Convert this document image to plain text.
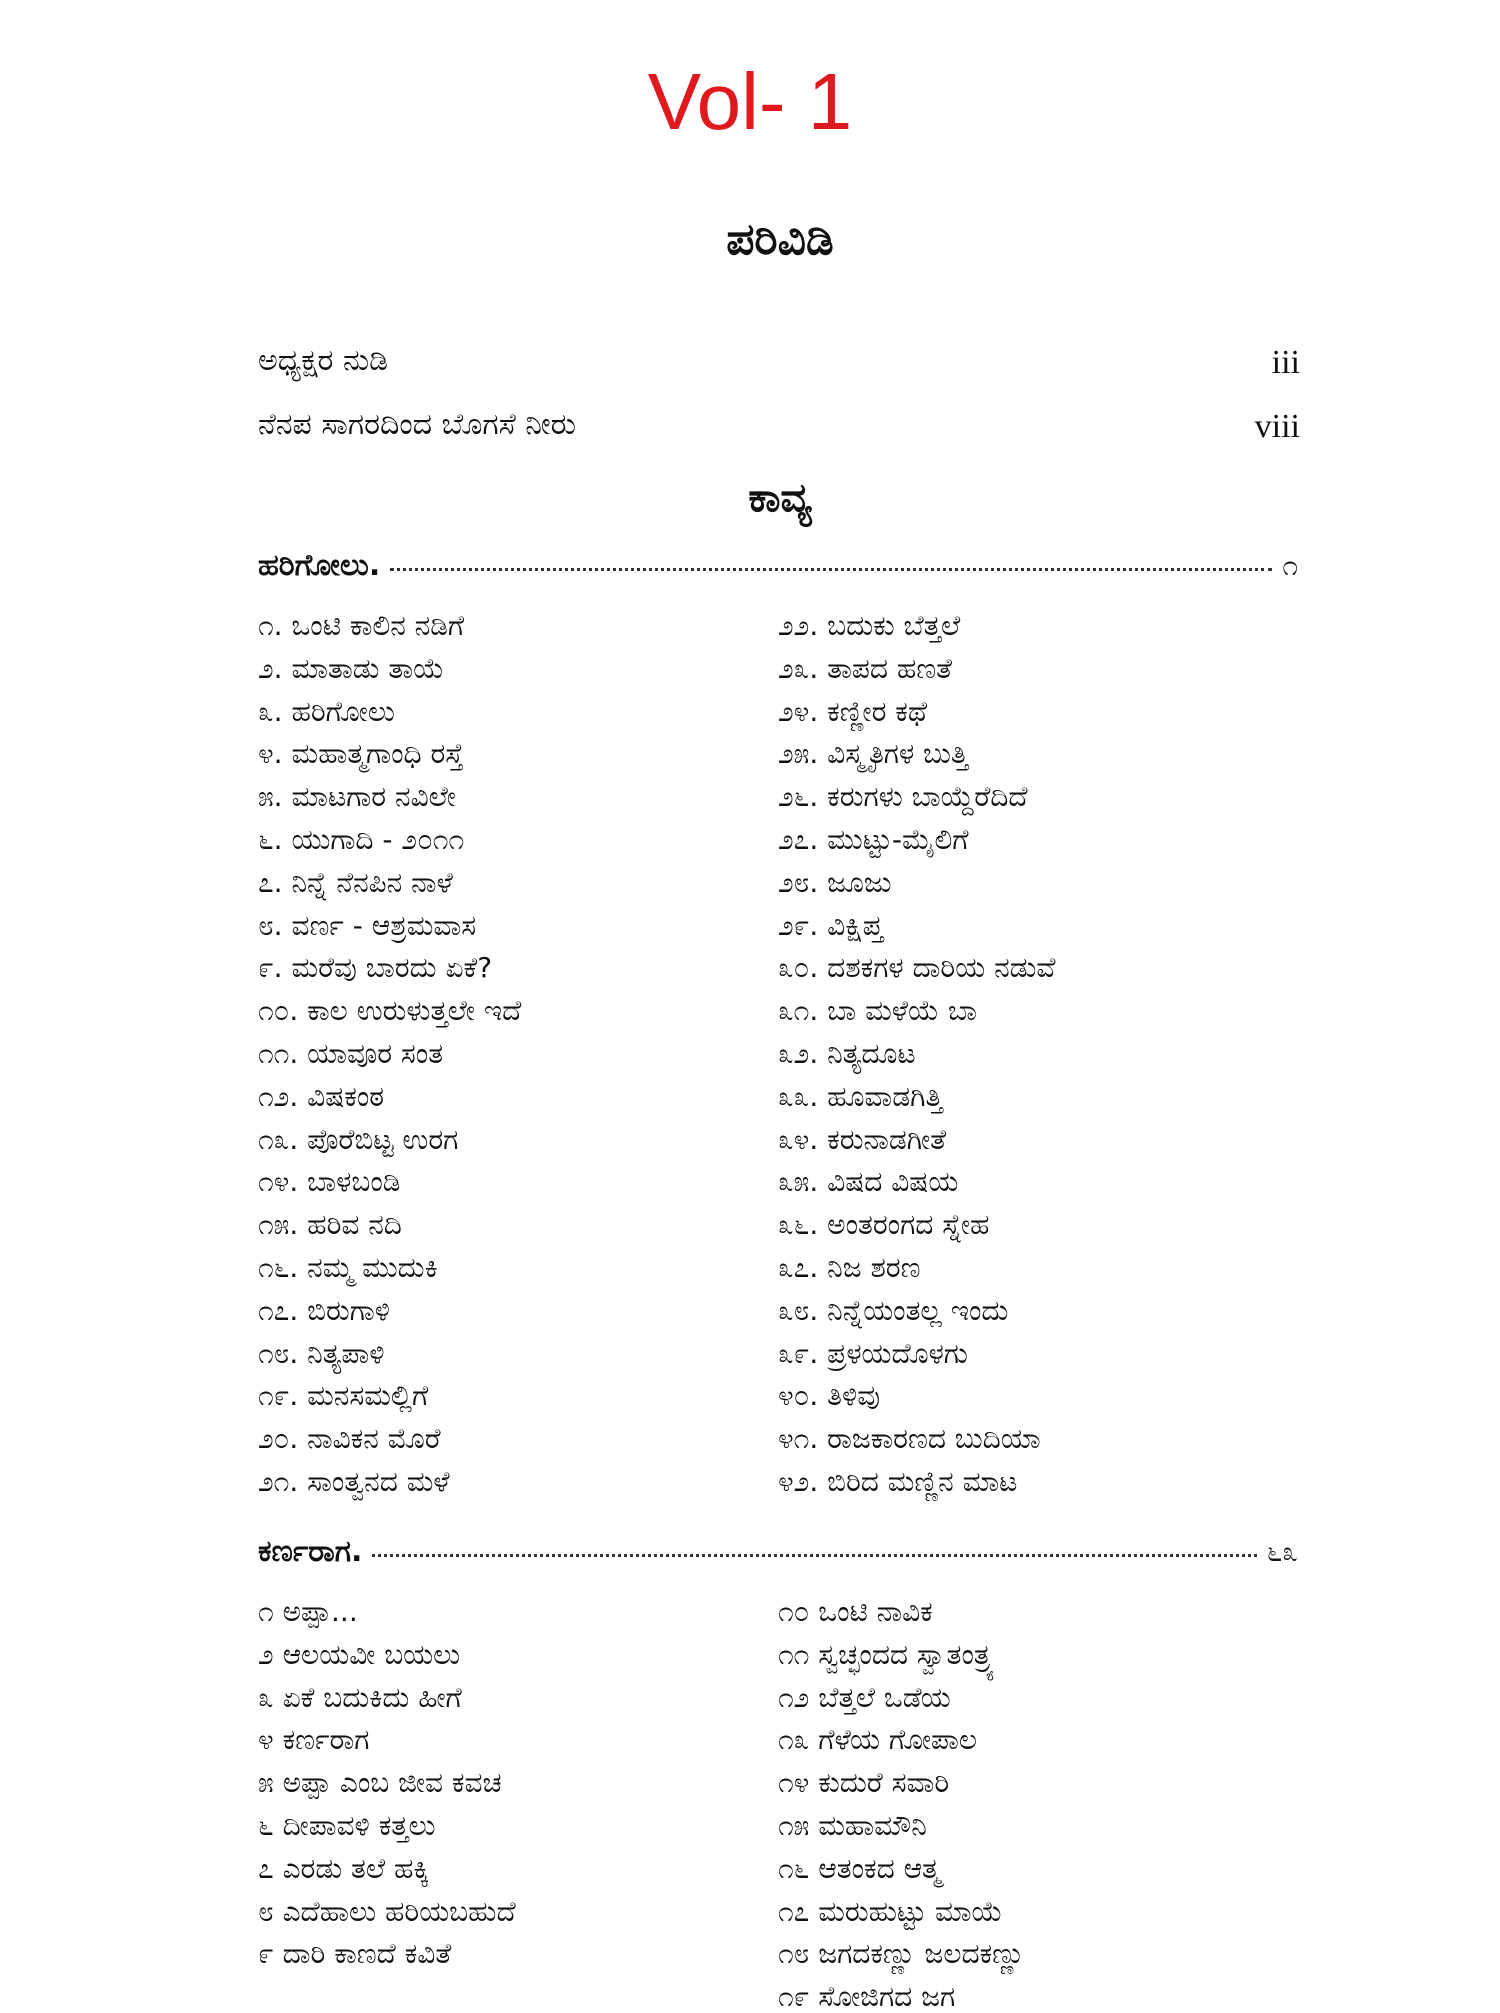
Vol- 1
ಪರಿವಿಡಿ
ಅಧ್ಯಕ್ಷರ ನುಡಿ	iii
ನೆನಪ ಸಾಗರದಿಂದ ಬೊಗಸೆ ನೀರು	viii
ಕಾವ್ಯ
ಹರಿಗೋಲು.	೧
೧. ಒಂಟಿ ಕಾಲಿನ ನಡಿಗೆ
೨. ಮಾತಾಡು ತಾಯೆ
೩. ಹರಿಗೋಲು
೪. ಮಹಾತ್ಮಗಾಂಧಿ ರಸ್ತೆ
೫. ಮಾಟಗಾರ ನವಿಲೇ
೬. ಯುಗಾದಿ - ೨೦೧೧
೭. ನಿನ್ನೆ ನೆನಪಿನ ನಾಳೆ
೮. ವರ್ಣ - ಆಶ್ರಮವಾಸ
೯. ಮರೆವು ಬಾರದು ಏಕೆ?
೧೦. ಕಾಲ ಉರುಳುತ್ತಲೇ ಇದೆ
೧೧. ಯಾವೂರ ಸಂತ
೧೨. ವಿಷಕಂಠ
೧೩. ಪೊರೆಬಿಟ್ಟ ಉರಗ
೧೪. ಬಾಳಬಂಡಿ
೧೫. ಹರಿವ ನದಿ
೧೬. ನಮ್ಮ ಮುದುಕಿ
೧೭. ಬಿರುಗಾಳಿ
೧೮. ನಿತ್ಯಪಾಳಿ
೧೯. ಮನಸಮಲ್ಲಿಗೆ
೨೦. ನಾವಿಕನ ಮೊರೆ
೨೧. ಸಾಂತ್ವನದ ಮಳೆ
೨೨. ಬದುಕು ಬೆತ್ತಲೆ
೨೩. ತಾಪದ ಹಣತೆ
೨೪. ಕಣ್ಣೀರ ಕಥೆ
೨೫. ವಿಸ್ಮೃತಿಗಳ ಬುತ್ತಿ
೨೬. ಕರುಗಳು ಬಾಯ್ದೆರೆದಿದೆ
೨೭. ಮುಟ್ಟು-ಮೈಲಿಗೆ
೨೮. ಜೂಜು
೨೯. ವಿಕ್ಷಿಪ್ತ
೩೦. ದಶಕಗಳ ದಾರಿಯ ನಡುವೆ
೩೧. ಬಾ ಮಳೆಯೆ ಬಾ
೩೨. ನಿತ್ಯದೂಟ
೩೩. ಹೂವಾಡಗಿತ್ತಿ
೩೪. ಕರುನಾಡಗೀತೆ
೩೫. ವಿಷದ ವಿಷಯ
೩೬. ಅಂತರಂಗದ ಸ್ನೇಹ
೩೭. ನಿಜ ಶರಣ
೩೮. ನಿನ್ನೆಯಂತಲ್ಲ ಇಂದು
೩೯. ಪ್ರಳಯದೊಳಗು
೪೦. ತಿಳಿವು
೪೧. ರಾಜಕಾರಣದ ಬುದಿಯಾ
೪೨. ಬಿರಿದ ಮಣ್ಣಿನ ಮಾಟ
ಕರ್ಣರಾಗ.	೬೩
೧ ಅಪ್ಪಾ...
೨ ಆಲಯವೀ ಬಯಲು
೩ ಏಕೆ ಬದುಕಿದು ಹೀಗೆ
೪ ಕರ್ಣರಾಗ
೫ ಅಪ್ಪಾ ಎಂಬ ಜೀವ ಕವಚ
೬ ದೀಪಾವಳಿ ಕತ್ತಲು
೭ ಎರಡು ತಲೆ ಹಕ್ಕಿ
೮ ಎದೆಹಾಲು ಹರಿಯಬಹುದೆ
೯ ದಾರಿ ಕಾಣದೆ ಕವಿತೆ
೧೦ ಒಂಟಿ ನಾವಿಕ
೧೧ ಸ್ವಚ್ಛಂದದ ಸ್ವಾತಂತ್ರ್ಯ
೧೨ ಬೆತ್ತಲೆ ಒಡೆಯ
೧೩ ಗೆಳೆಯ ಗೋಪಾಲ
೧೪ ಕುದುರೆ ಸವಾರಿ
೧೫ ಮಹಾಮೌನಿ
೧೬ ಆತಂಕದ ಆತ್ಮ
೧೭ ಮರುಹುಟ್ಟು ಮಾಯೆ
೧೮ ಜಗದಕಣ್ಣು ಜಲದಕಣ್ಣು
೧೯ ಸೋಜಿಗದ ಜಗ
